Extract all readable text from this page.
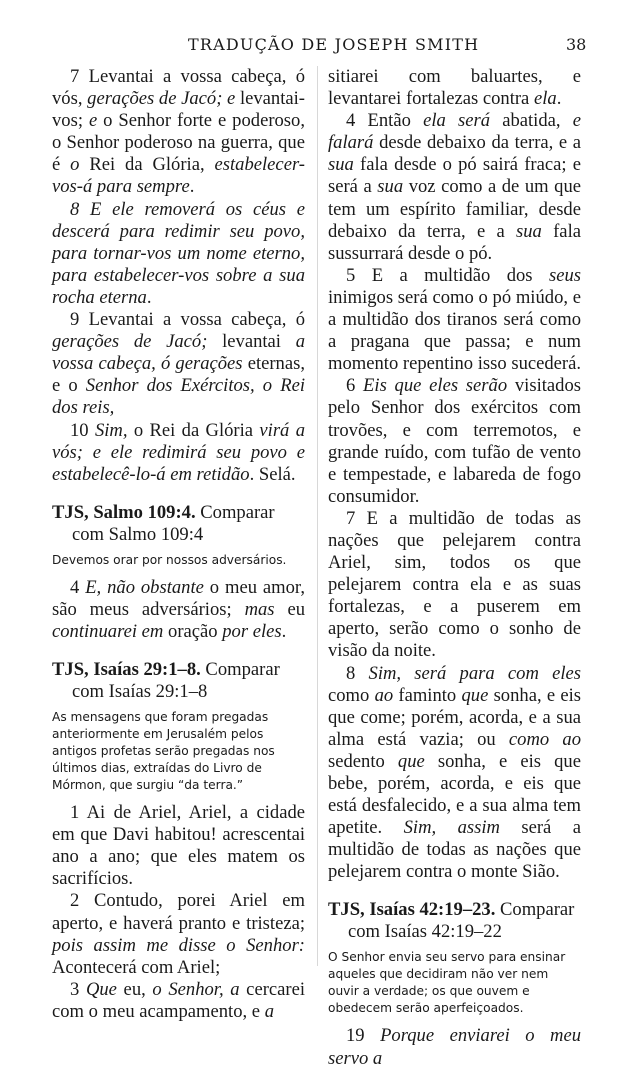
TRADUÇÃO DE JOSEPH SMITH	38

7 Levantai a vossa cabeça, ó vós, gerações de Jacó; e levantai-vos; e o Senhor forte e poderoso, o Senhor poderoso na guerra, que é o Rei da Glória, estabelecer-vos-á para sempre.

8 E ele removerá os céus e descerá para redimir seu povo, para tornar-vos um nome eterno, para estabelecer-vos sobre a sua rocha eterna.

9 Levantai a vossa cabeça, ó gerações de Jacó; levantai a vossa cabeça, ó gerações eternas, e o Senhor dos Exércitos, o Rei dos reis,

10 Sim, o Rei da Glória virá a vós; e ele redimirá seu povo e estabelecê-lo-á em retidão. Selá.

TJS, Salmo 109:4. Comparar com Salmo 109:4
Devemos orar por nossos adversários.

4 E, não obstante o meu amor, são meus adversários; mas eu continuarei em oração por eles.

TJS, Isaías 29:1–8. Comparar com Isaías 29:1–8
As mensagens que foram pregadas anteriormente em Jerusalém pelos antigos profetas serão pregadas nos últimos dias, extraídas do Livro de Mórmon, que surgiu “da terra.”

1 Ai de Ariel, Ariel, a cidade em que Davi habitou! acrescentai ano a ano; que eles matem os sacrifícios.

2 Contudo, porei Ariel em aperto, e haverá pranto e tristeza; pois assim me disse o Senhor: Acontecerá com Ariel;

3 Que eu, o Senhor, a cercarei com o meu acampamento, e a

sitiarei com baluartes, e levantarei fortalezas contra ela.

4 Então ela será abatida, e falará desde debaixo da terra, e a sua fala desde o pó sairá fraca; e será a sua voz como a de um que tem um espírito familiar, desde debaixo da terra, e a sua fala sussurrará desde o pó.

5 E a multidão dos seus inimigos será como o pó miúdo, e a multidão dos tiranos será como a pragana que passa; e num momento repentino isso sucederá.

6 Eis que eles serão visitados pelo Senhor dos exércitos com trovões, e com terremotos, e grande ruído, com tufão de vento e tempestade, e labareda de fogo consumidor.

7 E a multidão de todas as nações que pelejarem contra Ariel, sim, todos os que pelejarem contra ela e as suas fortalezas, e a puserem em aperto, serão como o sonho de visão da noite.

8 Sim, será para com eles como ao faminto que sonha, e eis que come; porém, acorda, e a sua alma está vazia; ou como ao sedento que sonha, e eis que bebe, porém, acorda, e eis que está desfalecido, e a sua alma tem apetite. Sim, assim será a multidão de todas as nações que pelejarem contra o monte Sião.

TJS, Isaías 42:19–23. Comparar com Isaías 42:19–22
O Senhor envia seu servo para ensinar aqueles que decidiram não ver nem ouvir a verdade; os que ouvem e obedecem serão aperfeiçoados.

19 Porque enviarei o meu servo a
